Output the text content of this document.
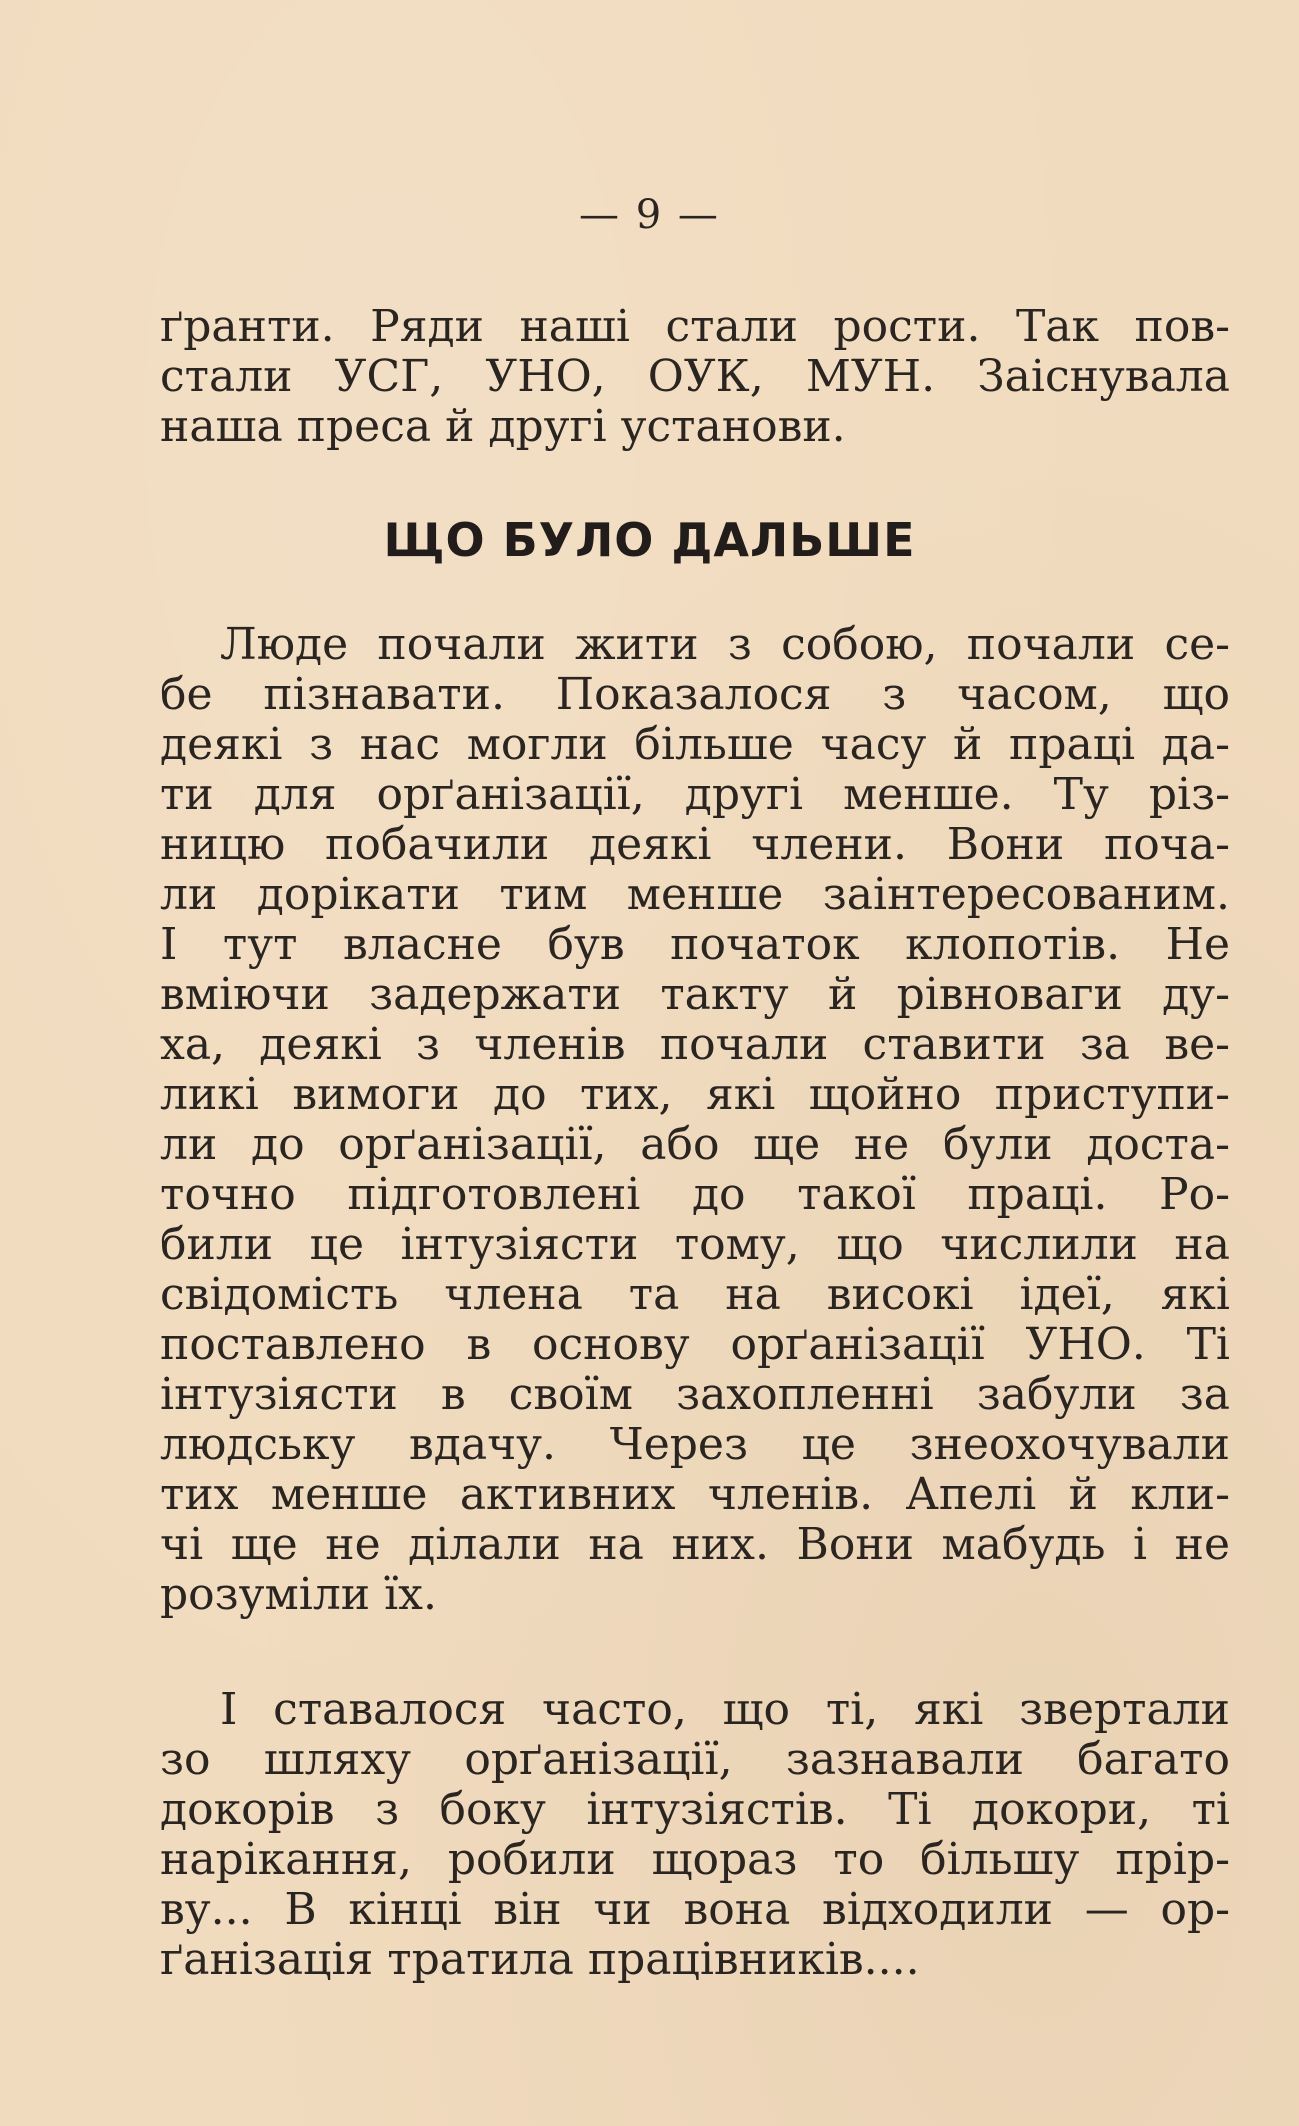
— 9 —
ґранти. Ряди наші стали рости. Так пов-
стали УСГ, УНО, ОУК, МУН. Заіснувала
наша преса й другі установи.
ЩО БУЛО ДАЛЬШЕ
Люде почали жити з собою, почали се-
бе пізнавати. Показалося з часом, що
деякі з нас могли більше часу й праці да-
ти для орґанізації, другі менше. Ту різ-
ницю побачили деякі члени. Вони поча-
ли дорікати тим менше заінтересованим.
І тут власне був початок клопотів. Не
вміючи задержати такту й рівноваги ду-
ха, деякі з членів почали ставити за ве-
ликі вимоги до тих, які щойно приступи-
ли до орґанізації, або ще не були доста-
точно підготовлені до такої праці. Ро-
били це інтузіясти тому, що числили на
свідомість члена та на високі ідеї, які
поставлено в основу орґанізації УНО. Ті
інтузіясти в своїм захопленні забули за
людську вдачу. Через це знеохочували
тих менше активних членів. Апелі й кли-
чі ще не ділали на них. Вони мабудь і не
розуміли їх.
І ставалося часто, що ті, які звертали
зо шляху орґанізації, зазнавали багато
докорів з боку інтузіястів. Ті докори, ті
нарікання, робили щораз то більшу прір-
ву... В кінці він чи вона відходили — ор-
ґанізація тратила працівників....
